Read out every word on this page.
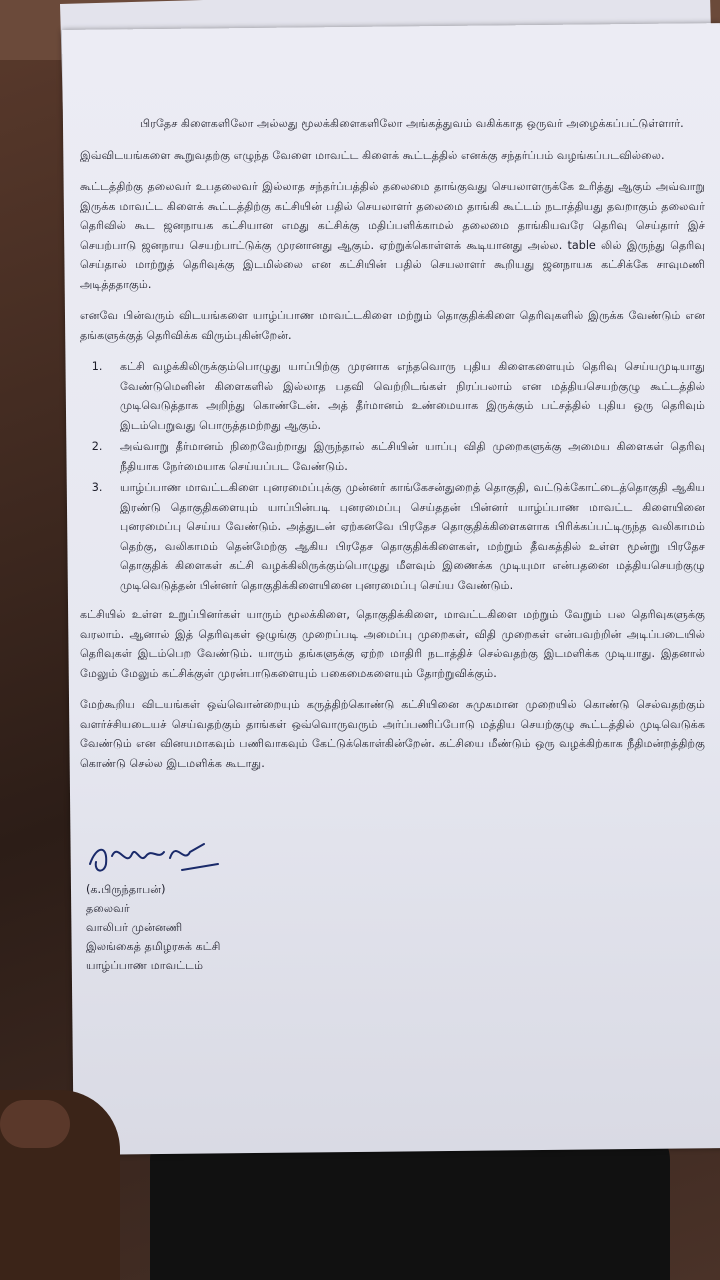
பிரதேச கிளைகளிலோ அல்லது மூலக்கிளைகளிலோ அங்கத்துவம் வகிக்காத ஒருவர் அழைக்கப்பட்டுள்ளார்.

இவ்விடயங்களை கூறுவதற்கு எழுந்த வேளை மாவட்ட கிளைக் கூட்டத்தில் எனக்கு சந்தர்ப்பம் வழங்கப்படவில்லை.

கூட்டத்திற்கு தலைவர் உபதலைவர் இல்லாத சந்தர்ப்பத்தில் தலைமை தாங்குவது செயலாளருக்கே உரித்து ஆகும் அவ்வாறு இருக்க மாவட்ட கிளைக் கூட்டத்திற்கு கட்சியின் பதில் செயலாளர் தலைமை தாங்கி கூட்டம் நடாத்தியது தவறாகும் தலைவர் தெரிவில் கூட ஜனநாயக கட்சியான எமது கட்சிக்கு மதிப்பளிக்காமல் தலைமை தாங்கியவரே தெரிவு செய்தார் இச் செயற்பாடு ஜனநாய செயற்பாட்டுக்கு முரனானது ஆகும். ஏற்றுக்கொள்ளக் கூடியானது அல்ல. table லில் இருந்து தெரிவு செய்தால் மாற்றுத் தெரிவுக்கு இடமில்லை என கட்சியின் பதில் செயலாளர் கூறியது ஜனநாயக கட்சிக்கே சாவுமணி அடித்ததாகும்.

எனவே பின்வரும் விடயங்களை யாழ்ப்பாண மாவட்டகிளை மற்றும் தொகுதிக்கிளை தெரிவுகளில் இருக்க வேண்டும் என தங்களுக்குத் தெரிவிக்க விரும்புகின்றேன்.

1. கட்சி வழக்கிலிருக்கும்பொழுது யாப்பிற்கு முரனாக எந்தவொரு புதிய கிளைகளையும் தெரிவு செய்யமுடியாது வேண்டுமெனின் கிளைகளில் இல்லாத பதவி வெற்றிடங்கள் நிரப்பலாம் என மத்தியசெயற்குழு கூட்டத்தில் முடிவெடுத்தாக அறிந்து கொண்டேன். அத் தீர்மானம் உண்மையாக இருக்கும் பட்சத்தில் புதிய ஒரு தெரிவும் இடம்பெறுவது பொருத்தமற்றது ஆகும்.
2. அவ்வாறு தீர்மானம் நிறைவேற்றாது இருந்தால் கட்சியின் யாப்பு விதி முறைகளுக்கு அமைய கிளைகள் தெரிவு நீதியாக நேர்மையாக செய்யப்பட வேண்டும்.
3. யாழ்ப்பாண மாவட்டகிளை புனரமைப்புக்கு முன்னர் காங்கேசன்துறைத் தொகுதி, வட்டுக்கோட்டைத்தொகுதி ஆகிய இரண்டு தொகுதிகளையும் யாப்பின்படி புனரமைப்பு செய்ததன் பின்னர் யாழ்ப்பாண மாவட்ட கிளையினை புனரமைப்பு செய்ய வேண்டும். அத்துடன் ஏற்கனவே பிரதேச தொகுதிக்கிளைகளாக பிரிக்கப்பட்டிருந்த வலிகாமம் தெற்கு, வலிகாமம் தென்மேற்கு ஆகிய பிரதேச தொகுதிக்கிளைகள், மற்றும் தீவகத்தில் உள்ள மூன்று பிரதேச தொகுதிக் கிளைகள் கட்சி வழக்கிலிருக்கும்பொழுது மீளவும் இணைக்க முடியுமா என்பதனை மத்தியசெயற்குழு முடிவெடுத்தன் பின்னர் தொகுதிக்கிளையினை புனரமைப்பு செய்ய வேண்டும்.

கட்சியில் உள்ள உறுப்பினர்கள் யாரும் மூலக்கிளை, தொகுதிக்கிளை, மாவட்டகிளை மற்றும் வேறும் பல தெரிவுகளுக்கு வரலாம். ஆனால் இத் தெரிவுகள் ஒழுங்கு முறைப்படி அமைப்பு முறைகள், விதி முறைகள் என்பவற்றின் அடிப்படையில் தெரிவுகள் இடம்பெற வேண்டும். யாரும் தங்களுக்கு ஏற்ற மாதிரி நடாத்திச் செல்வதற்கு இடமளிக்க முடியாது. இதனால் மேலும் மேலும் கட்சிக்குள் முரன்பாடுகளையும் பகைமைகளையும் தோற்றுவிக்கும்.

மேற்கூறிய விடயங்கள் ஒவ்வொன்றையும் கருத்திற்கொண்டு கட்சியினை சுமுகமான முறையில் கொண்டு செல்வதற்கும் வளர்ச்சியடையச் செய்வதற்கும் தாங்கள் ஒவ்வொருவரும் அர்ப்பணிப்போடு மத்திய செயற்குழு கூட்டத்தில் முடிவெடுக்க வேண்டும் என வினயமாகவும் பணிவாகவும் கேட்டுக்கொள்கின்றேன். கட்சியை மீண்டும் ஒரு வழக்கிற்காக நீதிமன்றத்திற்கு கொண்டு செல்ல இடமளிக்க கூடாது.

(க.பிருந்தாபன்)
தலைவர்
வாலிபர் முன்னணி
இலங்கைத் தமிழரசுக் கட்சி
யாழ்ப்பாண மாவட்டம்
